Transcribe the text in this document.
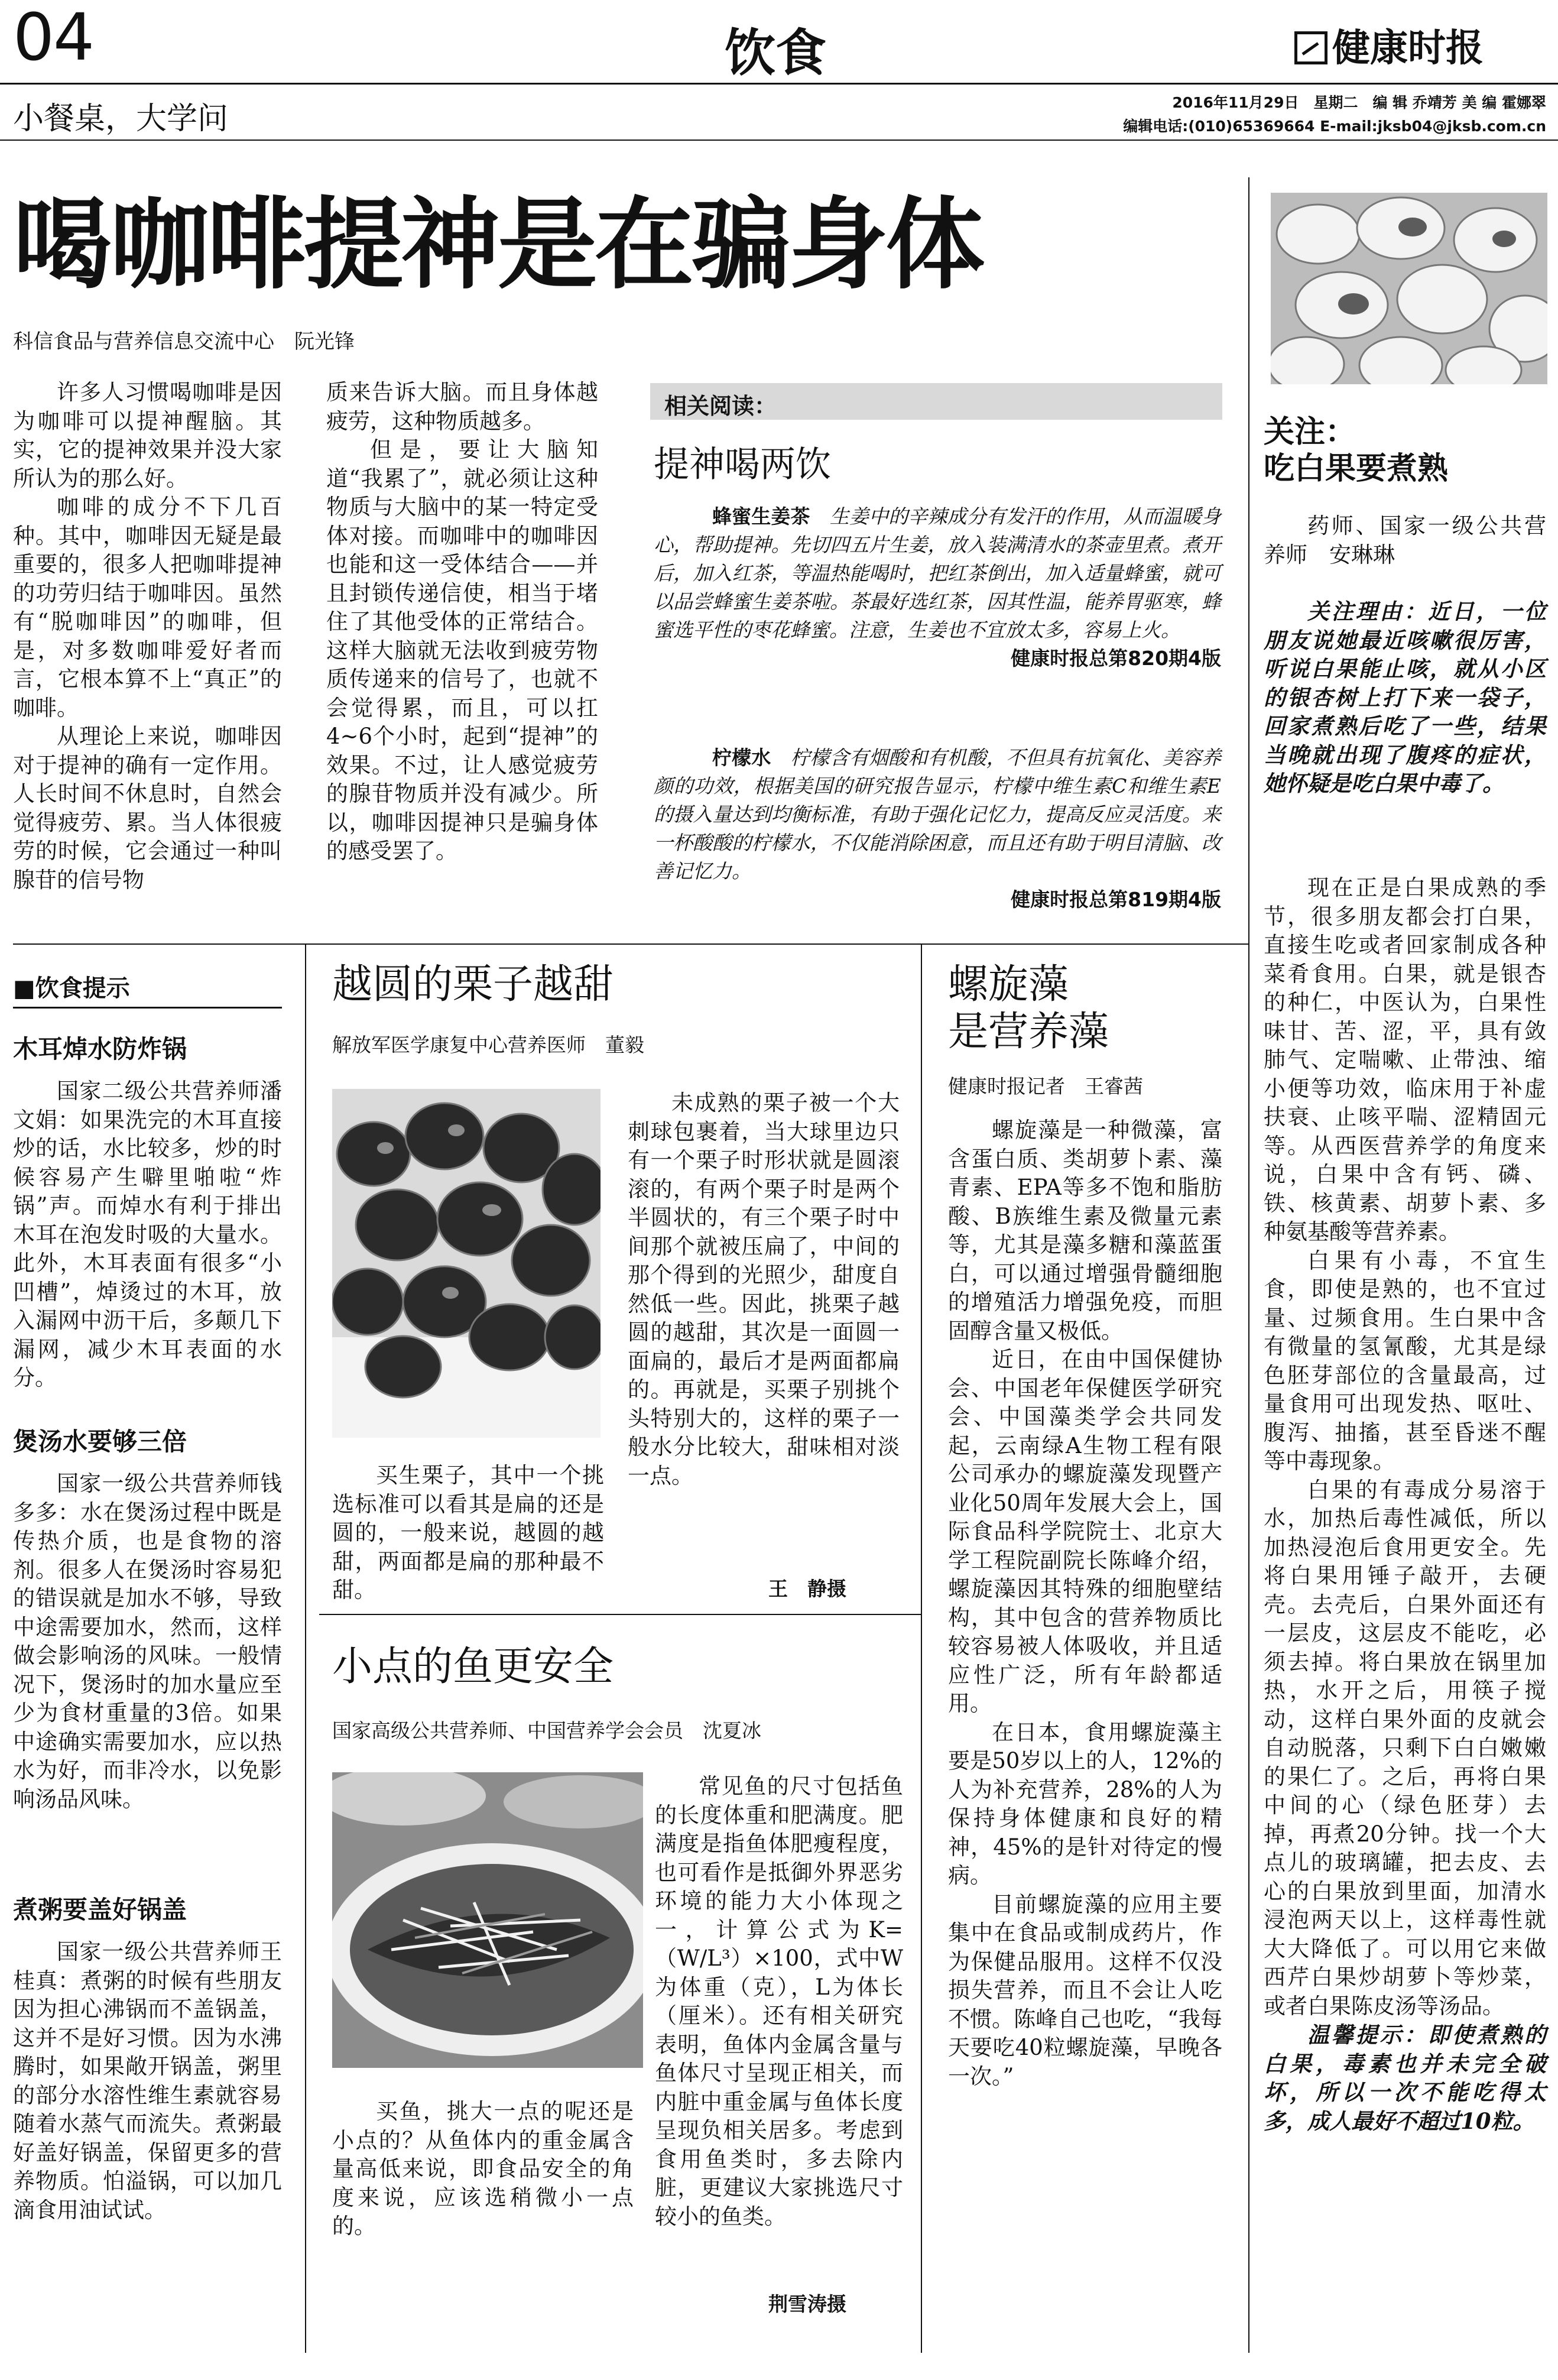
04	饮食	健康时报
小餐桌，大学问	2016年11月29日　星期二　编 辑 乔靖芳 美 编 霍娜翠
编辑电话:(010)65369664 E-mail:jksb04@jksb.com.cn
喝咖啡提神是在骗身体
科信食品与营养信息交流中心　阮光锋

许多人习惯喝咖啡是因为咖啡可以提神醒脑。其实，它的提神效果并没大家所认为的那么好。

咖啡的成分不下几百种。其中，咖啡因无疑是最重要的，很多人把咖啡提神的功劳归结于咖啡因。虽然有“脱咖啡因”的咖啡，但是，对多数咖啡爱好者而言，它根本算不上“真正”的咖啡。

从理论上来说，咖啡因对于提神的确有一定作用。人长时间不休息时，自然会觉得疲劳、累。当人体很疲劳的时候，它会通过一种叫腺苷的信号物

质来告诉大脑。而且身体越疲劳，这种物质越多。

但是，要让大脑知道“我累了”，就必须让这种物质与大脑中的某一特定受体对接。而咖啡中的咖啡因也能和这一受体结合——并且封锁传递信使，相当于堵住了其他受体的正常结合。这样大脑就无法收到疲劳物质传递来的信号了，也就不会觉得累，而且，可以扛4~6个小时，起到“提神”的效果。不过，让人感觉疲劳的腺苷物质并没有减少。所以，咖啡因提神只是骗身体的感受罢了。

相关阅读：
提神喝两饮

蜂蜜生姜茶　 生姜中的辛辣成分有发汗的作用，从而温暖身心，帮助提神。先切四五片生姜，放入装满清水的茶壶里煮。煮开后，加入红茶，等温热能喝时，把红茶倒出，加入适量蜂蜜，就可以品尝蜂蜜生姜茶啦。茶最好选红茶，因其性温，能养胃驱寒，蜂蜜选平性的枣花蜂蜜。注意，生姜也不宜放太多，容易上火。

健康时报总第820期4版

柠檬水　 柠檬含有烟酸和有机酸，不但具有抗氧化、美容养颜的功效，根据美国的研究报告显示，柠檬中维生素C和维生素E的摄入量达到均衡标准，有助于强化记忆力，提高反应灵活度。来一杯酸酸的柠檬水，不仅能消除困意，而且还有助于明目清脑、改善记忆力。

健康时报总第819期4版

■饮食提示
木耳焯水防炸锅

国家二级公共营养师潘文娟：如果洗完的木耳直接炒的话，水比较多，炒的时候容易产生噼里啪啦“炸锅”声。而焯水有利于排出木耳在泡发时吸的大量水。此外，木耳表面有很多“小凹槽”，焯烫过的木耳，放入漏网中沥干后，多颠几下漏网，减少木耳表面的水分。

煲汤水要够三倍

国家一级公共营养师钱多多：水在煲汤过程中既是传热介质，也是食物的溶剂。很多人在煲汤时容易犯的错误就是加水不够，导致中途需要加水，然而，这样做会影响汤的风味。一般情况下，煲汤时的加水量应至少为食材重量的3倍。如果中途确实需要加水，应以热水为好，而非冷水，以免影响汤品风味。

煮粥要盖好锅盖

国家一级公共营养师王桂真：煮粥的时候有些朋友因为担心沸锅而不盖锅盖，这并不是好习惯。因为水沸腾时，如果敞开锅盖，粥里的部分水溶性维生素就容易随着水蒸气而流失。煮粥最好盖好锅盖，保留更多的营养物质。怕溢锅，可以加几滴食用油试试。

越圆的栗子越甜
解放军医学康复中心营养医师　董毅

未成熟的栗子被一个大刺球包裹着，当大球里边只有一个栗子时形状就是圆滚滚的，有两个栗子时是两个半圆状的，有三个栗子时中间那个就被压扁了，中间的那个得到的光照少，甜度自然低一些。因此，挑栗子越圆的越甜，其次是一面圆一面扁的，最后才是两面都扁的。再就是，买栗子别挑个头特别大的，这样的栗子一般水分比较大，甜味相对淡一点。

买生栗子，其中一个挑选标准可以看其是扁的还是圆的，一般来说，越圆的越甜，两面都是扁的那种最不甜。	王　静摄
小点的鱼更安全
国家高级公共营养师、中国营养学会会员　沈夏冰

常见鱼的尺寸包括鱼的长度体重和肥满度。肥满度是指鱼体肥瘦程度，也可看作是抵御外界恶劣环境的能力大小体现之一，计算公式为K=（W/L³）×100，式中W为体重（克），L为体长（厘米）。还有相关研究表明，鱼体内金属含量与鱼体尺寸呈现正相关，而内脏中重金属与鱼体长度呈现负相关居多。考虑到食用鱼类时，多去除内脏，更建议大家挑选尺寸较小的鱼类。

买鱼，挑大一点的呢还是小点的？从鱼体内的重金属含量高低来说，即食品安全的角度来说，应该选稍微小一点的。

荆雪涛摄
螺旋藻
是营养藻
健康时报记者　王睿茜

螺旋藻是一种微藻，富含蛋白质、类胡萝卜素、藻青素、EPA等多不饱和脂肪酸、B族维生素及微量元素等，尤其是藻多糖和藻蓝蛋白，可以通过增强骨髓细胞的增殖活力增强免疫，而胆固醇含量又极低。

近日，在由中国保健协会、中国老年保健医学研究会、中国藻类学会共同发起，云南绿A生物工程有限公司承办的螺旋藻发现暨产业化50周年发展大会上，国际食品科学院院士、北京大学工程院副院长陈峰介绍，螺旋藻因其特殊的细胞壁结构，其中包含的营养物质比较容易被人体吸收，并且适应性广泛，所有年龄都适用。

在日本，食用螺旋藻主要是50岁以上的人，12%的人为补充营养，28%的人为保持身体健康和良好的精神，45%的是针对待定的慢病。

目前螺旋藻的应用主要集中在食品或制成药片，作为保健品服用。这样不仅没损失营养，而且不会让人吃不惯。陈峰自己也吃，“我每天要吃40粒螺旋藻，早晚各一次。”

关注：
吃白果要煮熟

药师、国家一级公共营养师　安琳琳

关注理由：近日，一位朋友说她最近咳嗽很厉害，听说白果能止咳，就从小区的银杏树上打下来一袋子，回家煮熟后吃了一些，结果当晚就出现了腹疼的症状，她怀疑是吃白果中毒了。

现在正是白果成熟的季节，很多朋友都会打白果，直接生吃或者回家制成各种菜肴食用。白果，就是银杏的种仁，中医认为，白果性味甘、苦、涩，平，具有敛肺气、定喘嗽、止带浊、缩小便等功效，临床用于补虚扶衰、止咳平喘、涩精固元等。从西医营养学的角度来说，白果中含有钙、磷、铁、核黄素、胡萝卜素、多种氨基酸等营养素。

白果有小毒，不宜生食，即使是熟的，也不宜过量、过频食用。生白果中含有微量的氢氰酸，尤其是绿色胚芽部位的含量最高，过量食用可出现发热、呕吐、腹泻、抽搐，甚至昏迷不醒等中毒现象。

白果的有毒成分易溶于水，加热后毒性减低，所以加热浸泡后食用更安全。先将白果用锤子敲开，去硬壳。去壳后，白果外面还有一层皮，这层皮不能吃，必须去掉。将白果放在锅里加热，水开之后，用筷子搅动，这样白果外面的皮就会自动脱落，只剩下白白嫩嫩的果仁了。之后，再将白果中间的心（绿色胚芽）去掉，再煮20分钟。找一个大点儿的玻璃罐，把去皮、去心的白果放到里面，加清水浸泡两天以上，这样毒性就大大降低了。可以用它来做西芹白果炒胡萝卜等炒菜，或者白果陈皮汤等汤品。

温馨提示：即使煮熟的白果，毒素也并未完全破坏，所以一次不能吃得太多，成人最好不超过10粒。
